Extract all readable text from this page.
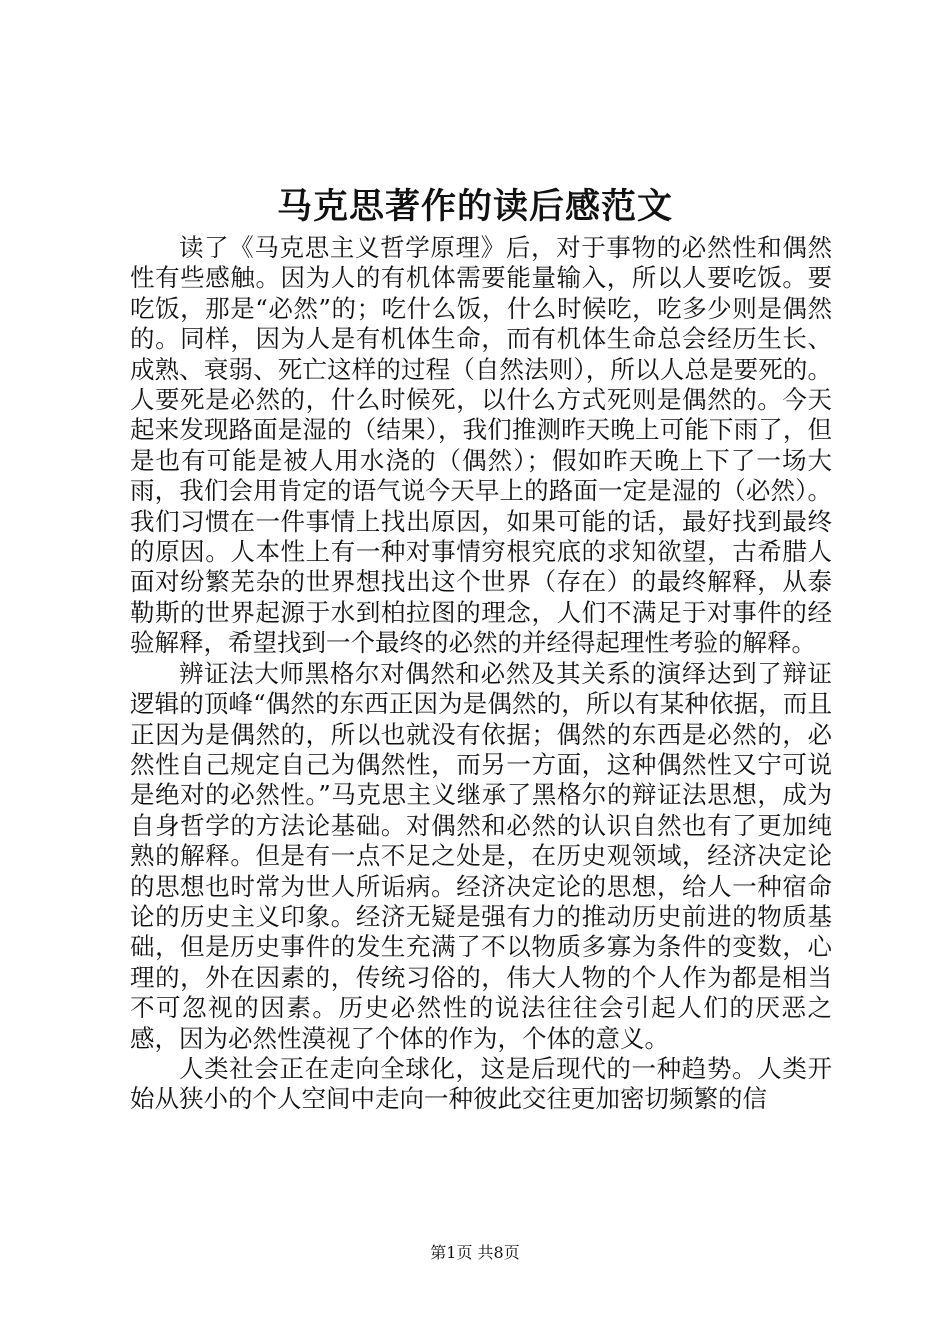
马克思著作的读后感范文

读了《马克思主义哲学原理》后，对于事物的必然性和偶然性有些感触。因为人的有机体需要能量输入，所以人要吃饭。要吃饭，那是“必然”的；吃什么饭，什么时候吃，吃多少则是偶然的。同样，因为人是有机体生命，而有机体生命总会经历生长、成熟、衰弱、死亡这样的过程（自然法则），所以人总是要死的。人要死是必然的，什么时候死，以什么方式死则是偶然的。今天起来发现路面是湿的（结果），我们推测昨天晚上可能下雨了，但是也有可能是被人用水浇的（偶然）；假如昨天晚上下了一场大雨，我们会用肯定的语气说今天早上的路面一定是湿的（必然）。我们习惯在一件事情上找出原因，如果可能的话，最好找到最终的原因。人本性上有一种对事情穷根究底的求知欲望，古希腊人面对纷繁芜杂的世界想找出这个世界（存在）的最终解释，从泰勒斯的世界起源于水到柏拉图的理念，人们不满足于对事件的经验解释，希望找到一个最终的必然的并经得起理性考验的解释。

辨证法大师黑格尔对偶然和必然及其关系的演绎达到了辩证逻辑的顶峰“偶然的东西正因为是偶然的，所以有某种依据，而且正因为是偶然的，所以也就没有依据；偶然的东西是必然的，必然性自己规定自己为偶然性，而另一方面，这种偶然性又宁可说是绝对的必然性。”马克思主义继承了黑格尔的辩证法思想，成为自身哲学的方法论基础。对偶然和必然的认识自然也有了更加纯熟的解释。但是有一点不足之处是，在历史观领域，经济决定论的思想也时常为世人所诟病。经济决定论的思想，给人一种宿命论的历史主义印象。经济无疑是强有力的推动历史前进的物质基础，但是历史事件的发生充满了不以物质多寡为条件的变数，心理的，外在因素的，传统习俗的，伟大人物的个人作为都是相当不可忽视的因素。历史必然性的说法往往会引起人们的厌恶之感，因为必然性漠视了个体的作为，个体的意义。

人类社会正在走向全球化，这是后现代的一种趋势。人类开始从狭小的个人空间中走向一种彼此交往更加密切频繁的信

第1页 共8页
